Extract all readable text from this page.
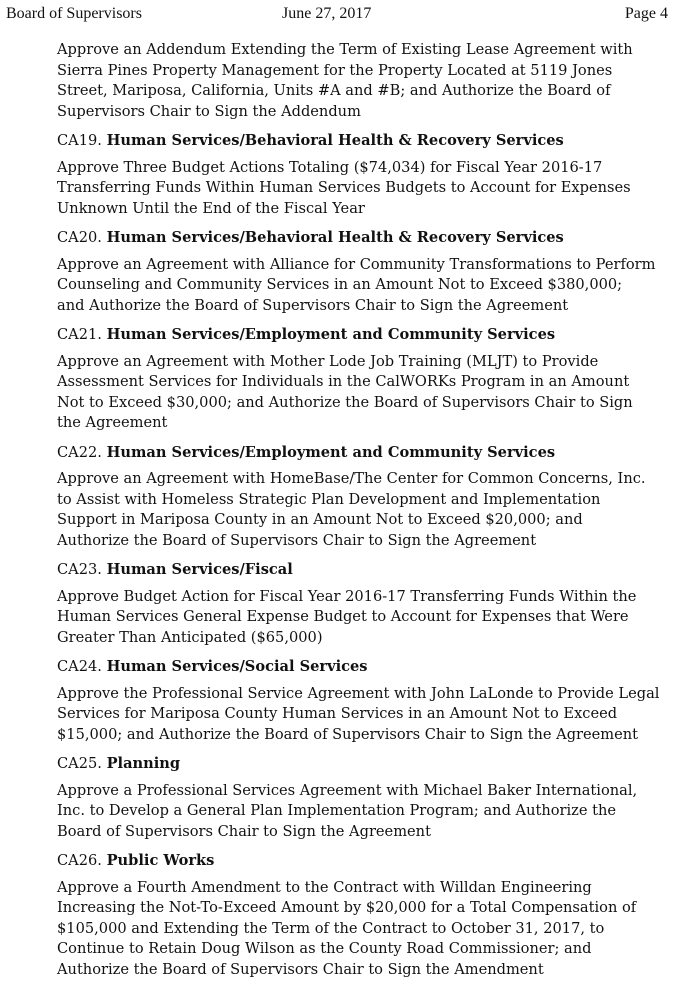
Board of Supervisors	June 27, 2017	Page 4

Approve an Addendum Extending the Term of Existing Lease Agreement with
Sierra Pines Property Management for the Property Located at 5119 Jones
Street, Mariposa, California, Units #A and #B; and Authorize the Board of
Supervisors Chair to Sign the Addendum

CA19. Human Services/Behavioral Health & Recovery Services

Approve Three Budget Actions Totaling ($74,034) for Fiscal Year 2016-17
Transferring Funds Within Human Services Budgets to Account for Expenses
Unknown Until the End of the Fiscal Year

CA20. Human Services/Behavioral Health & Recovery Services

Approve an Agreement with Alliance for Community Transformations to Perform
Counseling and Community Services in an Amount Not to Exceed $380,000;
and Authorize the Board of Supervisors Chair to Sign the Agreement

CA21. Human Services/Employment and Community Services

Approve an Agreement with Mother Lode Job Training (MLJT) to Provide
Assessment Services for Individuals in the CalWORKs Program in an Amount
Not to Exceed $30,000; and Authorize the Board of Supervisors Chair to Sign
the Agreement

CA22. Human Services/Employment and Community Services

Approve an Agreement with HomeBase/The Center for Common Concerns, Inc.
to Assist with Homeless Strategic Plan Development and Implementation
Support in Mariposa County in an Amount Not to Exceed $20,000; and
Authorize the Board of Supervisors Chair to Sign the Agreement

CA23. Human Services/Fiscal

Approve Budget Action for Fiscal Year 2016-17 Transferring Funds Within the
Human Services General Expense Budget to Account for Expenses that Were
Greater Than Anticipated ($65,000)

CA24. Human Services/Social Services

Approve the Professional Service Agreement with John LaLonde to Provide Legal
Services for Mariposa County Human Services in an Amount Not to Exceed
$15,000; and Authorize the Board of Supervisors Chair to Sign the Agreement

CA25. Planning

Approve a Professional Services Agreement with Michael Baker International,
Inc. to Develop a General Plan Implementation Program; and Authorize the
Board of Supervisors Chair to Sign the Agreement

CA26. Public Works

Approve a Fourth Amendment to the Contract with Willdan Engineering
Increasing the Not-To-Exceed Amount by $20,000 for a Total Compensation of
$105,000 and Extending the Term of the Contract to October 31, 2017, to
Continue to Retain Doug Wilson as the County Road Commissioner; and
Authorize the Board of Supervisors Chair to Sign the Amendment
